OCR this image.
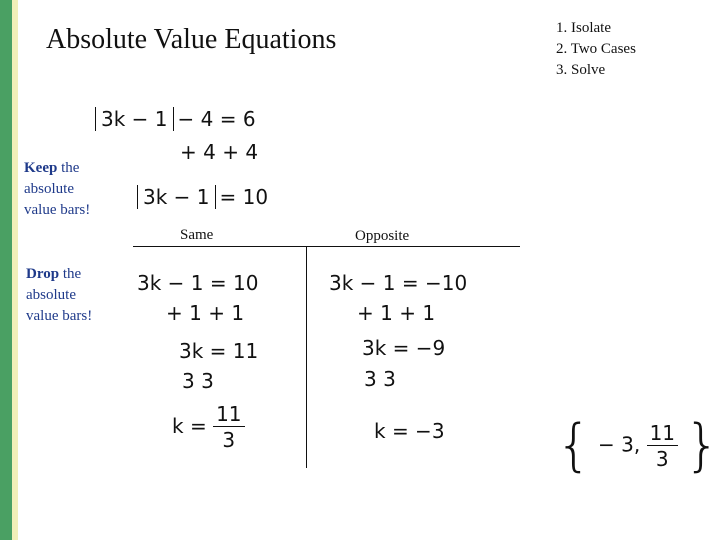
Absolute Value Equations	1. Isolate
2. Two Cases
3. Solve
3k − 1 − 4 = 6
+ 4 + 4
Keep the
absolute
value bars!
3k − 1 = 10
Same	Opposite
Drop the
absolute
value bars!
3k − 1 = 10
+ 1 + 1
3k = 11
3 3
$k = \frac{11}{3}$
3k − 1 = −10
+ 1 + 1
3k = −9
3 3
k = −3 { − 3, $\frac{11}{3}$ }
